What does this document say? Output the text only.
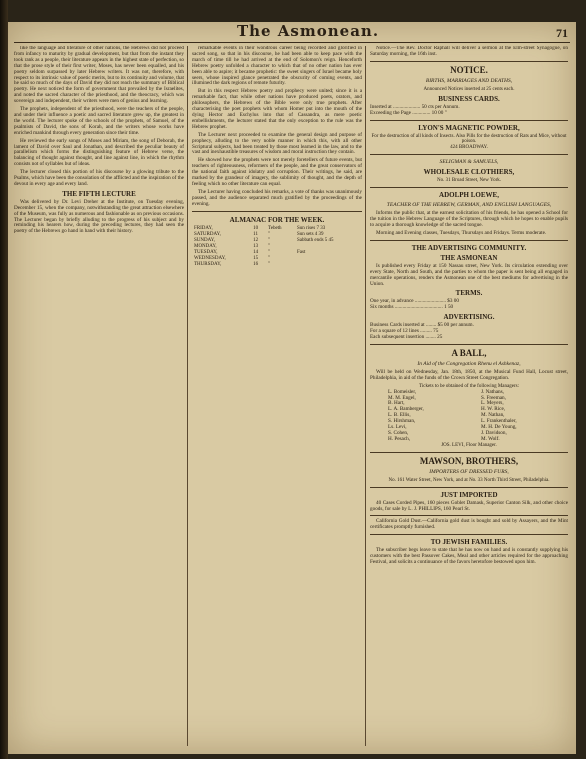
The Asmonean.	71

like the language and literature of other nations, the Hebrews did not proceed from infancy to maturity by gradual development, but that from the instant they took rank as a people, their literature appears in the highest state of perfection, so that the prose style of their first writer, Moses, has never been equalled, and his poetry seldom surpassed by later Hebrew writers. It was not, therefore, with respect to its intrinsic value of poetic merits, but to its continuity and volume, that he said so much of the days of David they did not reach the summary of Biblical poetry. He next noticed the form of government that prevailed by the Israelites, and noted the sacred character of the priesthood, and the theocracy, which was sovereign and independent, their writers were men of genius and learning.

The prophets, independent of the priesthood, were the teachers of the people, and under their influence a poetic and sacred literature grew up, the greatest in the world. The lecturer spoke of the schools of the prophets, of Samuel, of the psalmists of David, the sons of Korah, and the writers whose works have enriched mankind through every generation since their time.

He reviewed the early songs of Moses and Miriam, the song of Deborah, the lament of David over Saul and Jonathan, and described the peculiar beauty of parallelism which forms the distinguishing feature of Hebrew verse, the balancing of thought against thought, and line against line, in which the rhythm consists not of syllables but of ideas.

The lecturer closed this portion of his discourse by a glowing tribute to the Psalms, which have been the consolation of the afflicted and the inspiration of the devout in every age and every land.

THE FIFTH LECTURE

Was delivered by Dr. Levi Dreher at the Institute, on Tuesday evening, December 15, when the company, notwithstanding the great attraction elsewhere of the Museum, was fully as numerous and fashionable as on previous occasions. The Lecturer began by briefly alluding to the progress of his subject and by reminding his hearers how, during the preceding lectures, they had seen the poetry of the Hebrews go hand in hand with their history.

remarkable events in their wondrous career being recorded and glorified in sacred song, so that in his discourse, he had been able to keep pace with the march of time till he had arrived at the end of Solomon's reign. Henceforth Hebrew poetry unfolded a character to which that of no other nation has ever been able to aspire; it became prophetic: the sweet singers of Israel became holy seers, whose inspired glance penetrated the obscurity of coming events, and illumined the dark regions of remote futurity.

But in this respect Hebrew poetry and prophecy were united; since it is a remarkable fact, that while other nations have produced poets, orators, and philosophers, the Hebrews of the Bible were only true prophets. After characterising the poet prophets with whom Homer put into the mouth of the dying Hector and Eschylus into that of Cassandra, as mere poetic embellishments, the lecturer stated that the only exception to the rule was the Hebrew prophet.

The Lecturer next proceeded to examine the general design and purpose of prophecy, alluding to the very noble manner in which this, with all other Scriptural subjects, had been treated by those most learned in the law, and to the vast and inexhaustible treasures of wisdom and moral instruction they contain.

He showed how the prophets were not merely foretellers of future events, but teachers of righteousness, reformers of the people, and the great conservators of the national faith against idolatry and corruption. Their writings, he said, are marked by the grandeur of imagery, the sublimity of thought, and the depth of feeling which no other literature can equal.

The Lecturer having concluded his remarks, a vote of thanks was unanimously passed, and the audience separated much gratified by the proceedings of the evening.

ALMANAC FOR THE WEEK.
FRIDAY,	10	Tebeth	Sun rises 7 33
SATURDAY,	11	"	Sun sets 4 39
SUNDAY,	12	"	Sabbath ends 5 45
MONDAY,	13	"	
TUESDAY,	14	"	Fast
WEDNESDAY,	15	"	
THURSDAY,	16	"	

Notice.—The Rev. Doctor Raphall will deliver a sermon at the Elm-street Synagogue, on Saturday morning, the 16th inst.

NOTICE.
BIRTHS, MARRIAGES AND DEATHS,
Announced Notices inserted at 25 cents each.
BUSINESS CARDS.
Inserted at ..................... 50 cts per Annum.
Exceeding the Page .............. 10 00 "
LYON'S MAGNETIC POWDER,
For the destruction of all kinds of Insects. Also Pills for the destruction of Rats and Mice, without poison.
424 BROADWAY.
SELIGMAN & SAMUELS,
WHOLESALE CLOTHIERS,
No. 31 Broad Street, New York.
ADOLPH LOEWE,
TEACHER OF THE HEBREW, GERMAN, AND ENGLISH LANGUAGES,

Informs the public that, at the earnest solicitation of his friends, he has opened a School for the tuition in the Hebrew Language of the Scriptures, through which he hopes to enable pupils to acquire a thorough knowledge of the sacred tongue.

Morning and Evening classes, Tuesdays, Thursdays and Fridays. Terms moderate.

THE ADVERTISING COMMUNITY.
THE ASMONEAN

Is published every Friday at 150 Nassau street, New York. Its circulation extending over every State, North and South, and the parties to whom the paper is sent being all engaged in mercantile operations, renders the Asmonean one of the best mediums for advertising in the Union.

TERMS.
One year, in advance ........................ $3 00
Six months ..................................... 1 50
ADVERTISING.
Business Cards inserted at ........ $5 00 per annum.
For a square of 12 lines ......... 75
Each subsequent insertion ........ 25
A BALL,
In Aid of the Congregation Rhenu el Ashkenaz,

Will be held on Wednesday, Jan. 18th, 1850, at the Musical Fund Hall, Locust street, Philadelphia, in aid of the funds of the Crown Street Congregation.

Tickets to be obtained of the following Managers:
L. Bomeisler,	J. Nathans,
M. M. Engel,	S. Freeman,
B. Hart,	L. Meyers,
L. A. Bamberger,	H. W. Rice,
L. B. Ellis,	M. Nathan,
S. Hirshman,	L. Frankenthaler,
Ls. Levi,	M. H. De Young,
S. Cohen,	J. Davidson,
H. Pesach,	M. Wolf.
JOS. LEVI, Floor Manager.
MAWSON, BROTHERS,
IMPORTERS OF DRESSED FURS,
No. 161 Water Street, New York, and at No. 33 North Third Street, Philadelphia.
JUST IMPORTED

40 Cases Corded Pipes, 160 pieces Goblet Damask, Superior Canton Silk, and other choice goods, for sale by L. J. PHILLIPS, 160 Pearl St.

California Gold Dust.—California gold dust is bought and sold by Assayers, and the Mint certificates promptly furnished.

TO JEWISH FAMILIES.

The subscriber begs leave to state that he has now on hand and is constantly supplying his customers with the best Passover Cakes, Meal and other articles required for the approaching Festival, and solicits a continuance of the favors heretofore bestowed upon him.
